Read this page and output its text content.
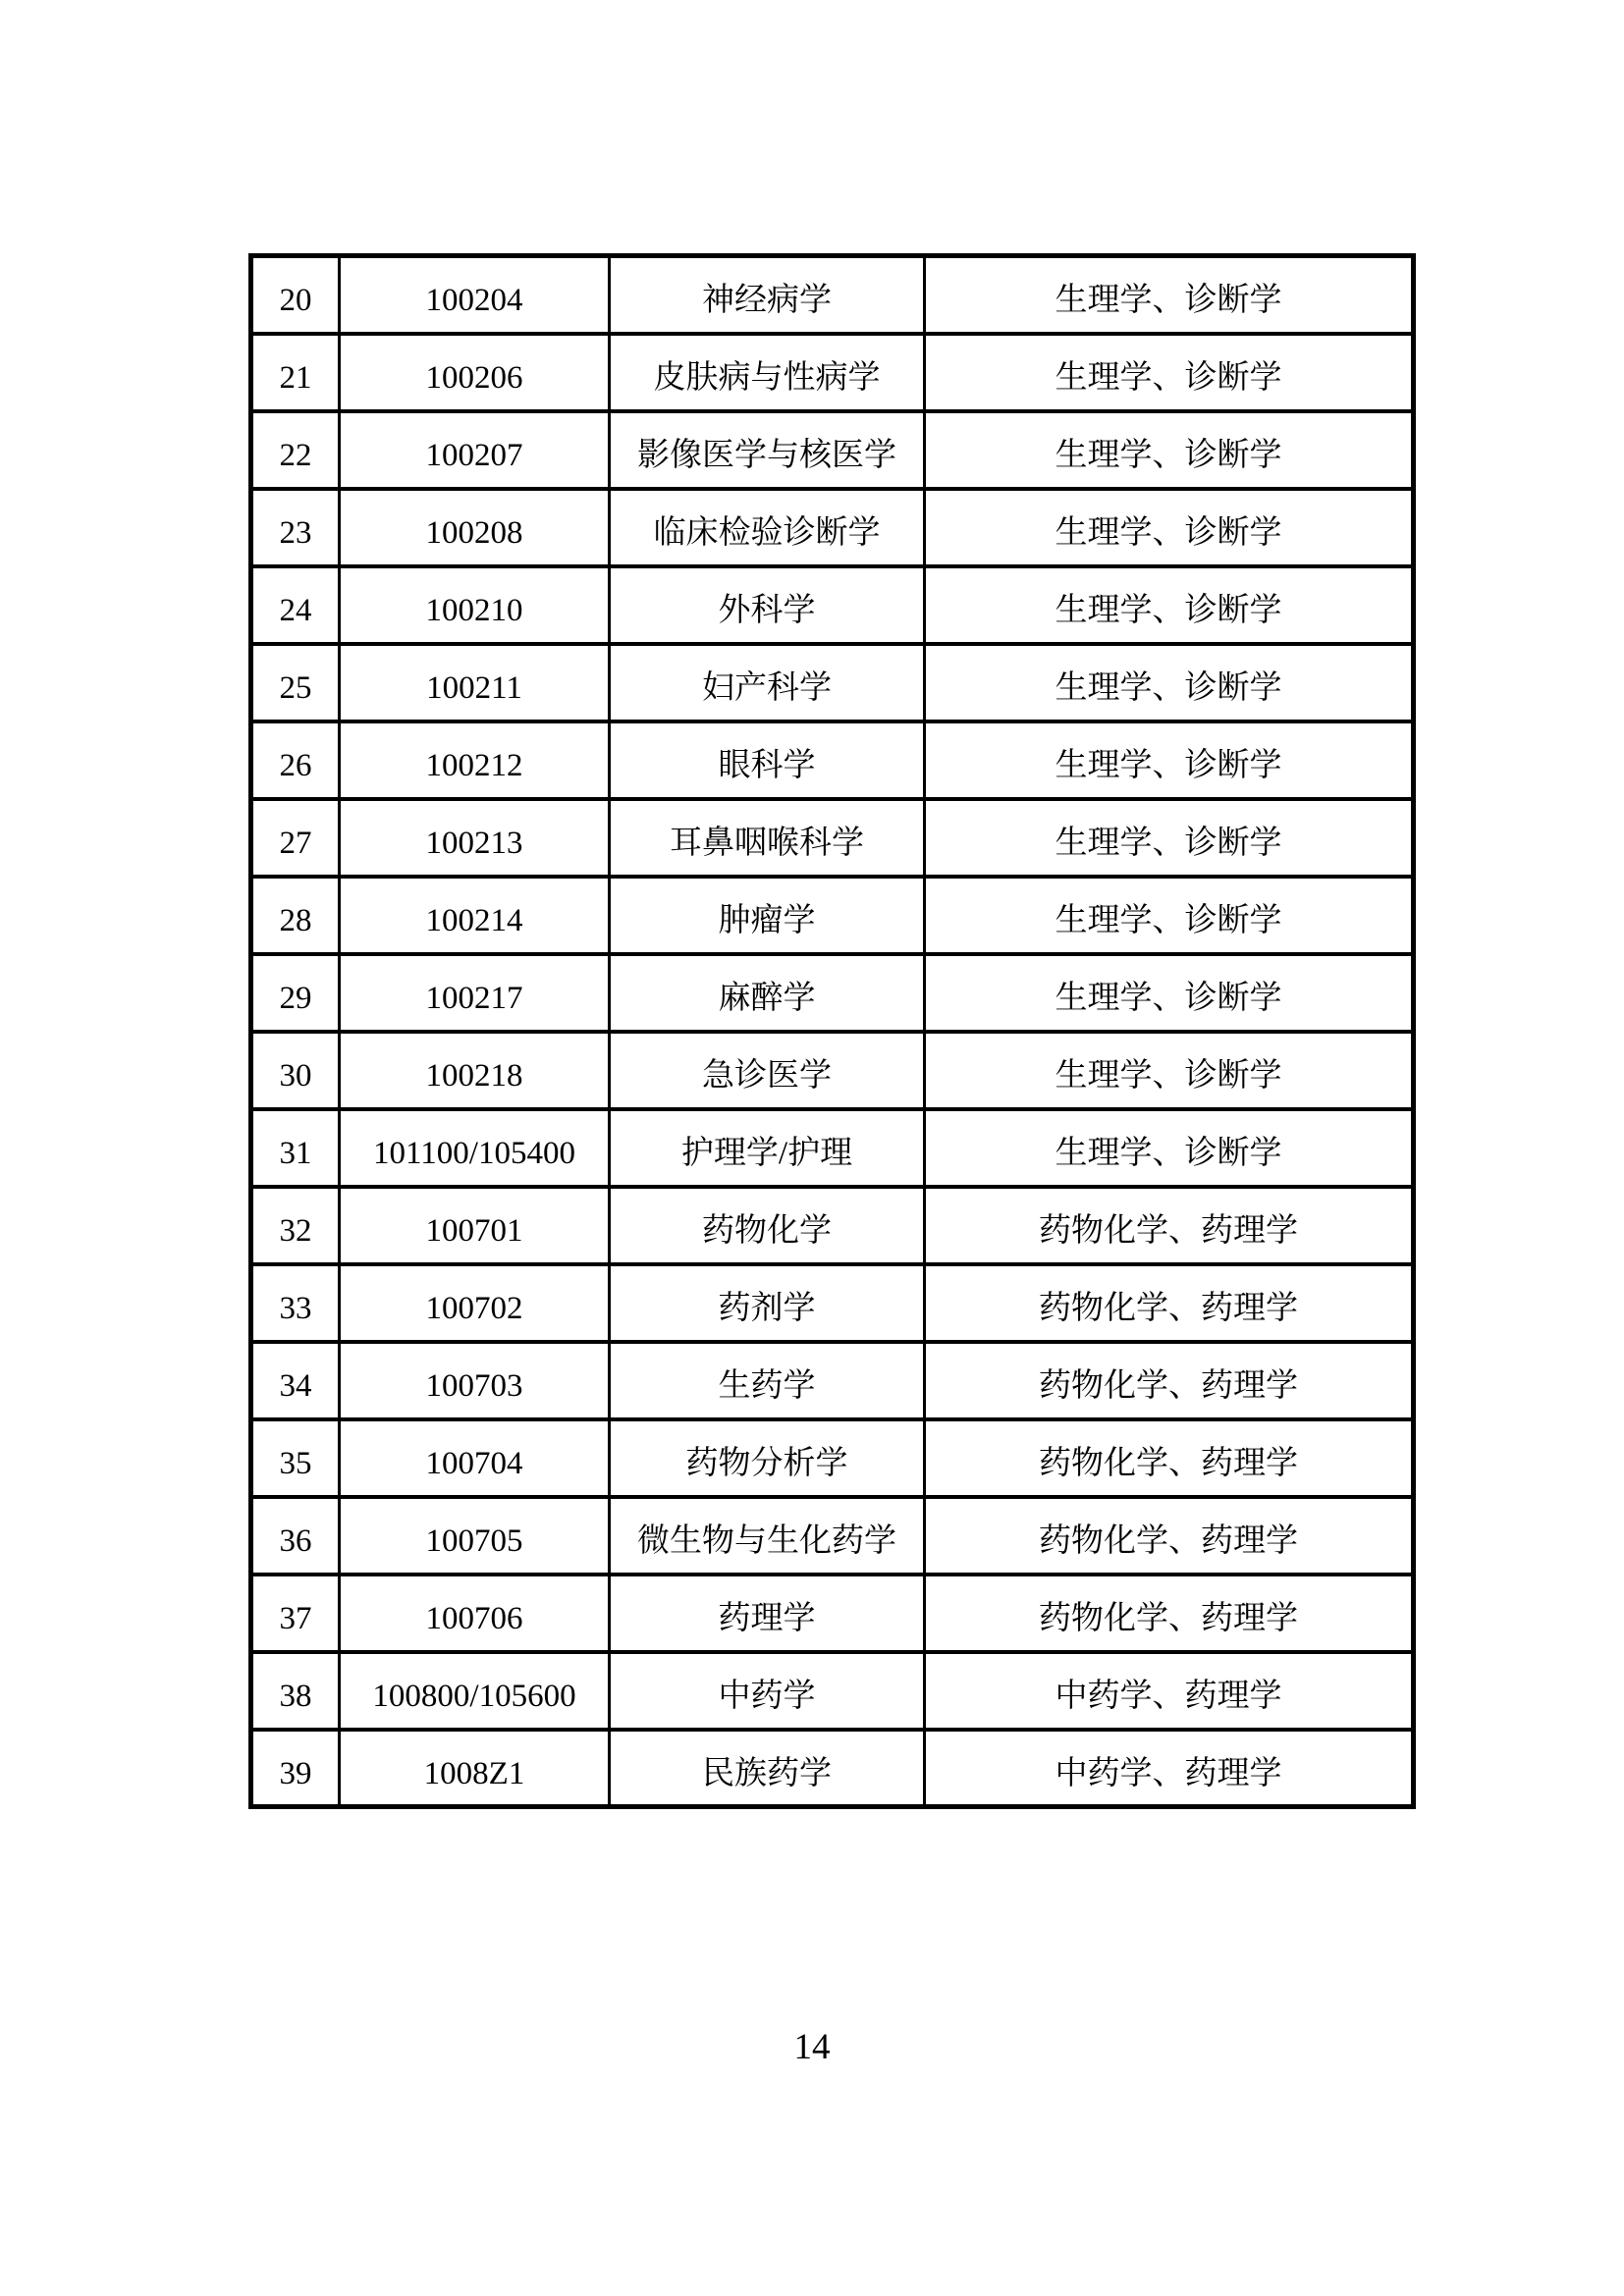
20	100204	神经病学	生理学、诊断学
21	100206	皮肤病与性病学	生理学、诊断学
22	100207	影像医学与核医学	生理学、诊断学
23	100208	临床检验诊断学	生理学、诊断学
24	100210	外科学	生理学、诊断学
25	100211	妇产科学	生理学、诊断学
26	100212	眼科学	生理学、诊断学
27	100213	耳鼻咽喉科学	生理学、诊断学
28	100214	肿瘤学	生理学、诊断学
29	100217	麻醉学	生理学、诊断学
30	100218	急诊医学	生理学、诊断学
31	101100/105400	护理学/护理	生理学、诊断学
32	100701	药物化学	药物化学、药理学
33	100702	药剂学	药物化学、药理学
34	100703	生药学	药物化学、药理学
35	100704	药物分析学	药物化学、药理学
36	100705	微生物与生化药学	药物化学、药理学
37	100706	药理学	药物化学、药理学
38	100800/105600	中药学	中药学、药理学
39	1008Z1	民族药学	中药学、药理学
14
